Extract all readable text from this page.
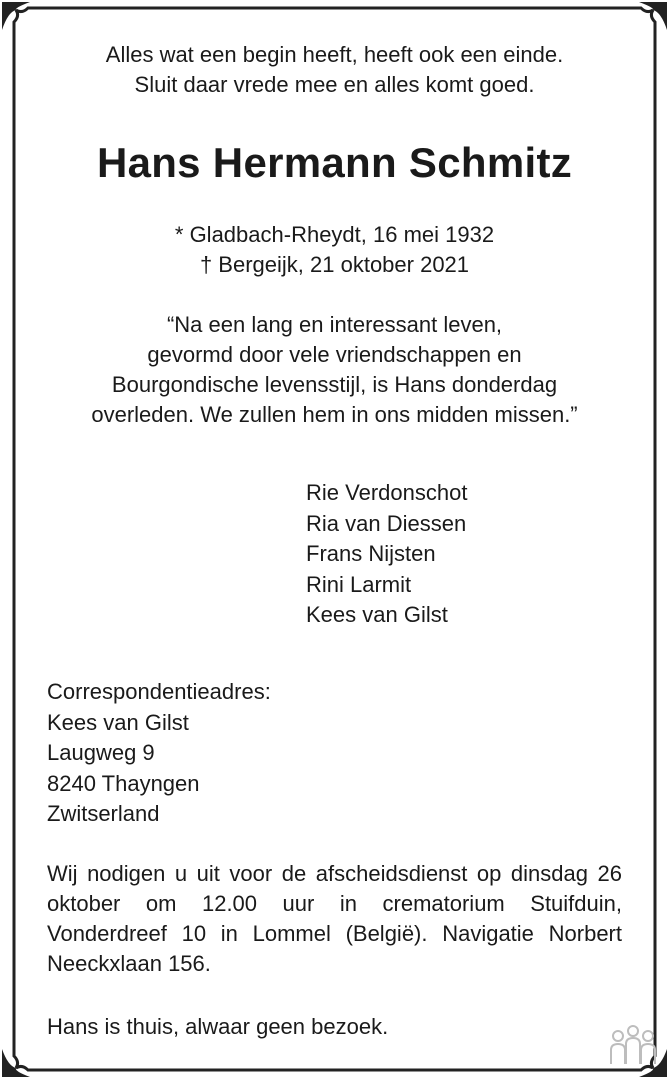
Alles wat een begin heeft, heeft ook een einde.
Sluit daar vrede mee en alles komt goed.
Hans Hermann Schmitz
* Gladbach-Rheydt, 16 mei 1932
† Bergeijk, 21 oktober 2021
“Na een lang en interessant leven,
gevormd door vele vriendschappen en
Bourgondische levensstijl, is Hans donderdag
overleden. We zullen hem in ons midden missen.”
Rie Verdonschot
Ria van Diessen
Frans Nijsten
Rini Larmit
Kees van Gilst
Correspondentieadres:
Kees van Gilst
Laugweg 9
8240 Thayngen
Zwitserland
Wij nodigen u uit voor de afscheidsdienst op dinsdag 26 oktober om 12.00 uur in crematorium Stuifduin, Vonderdreef 10 in Lommel (België). Navigatie Norbert Neeckxlaan 156.
Hans is thuis, alwaar geen bezoek.
